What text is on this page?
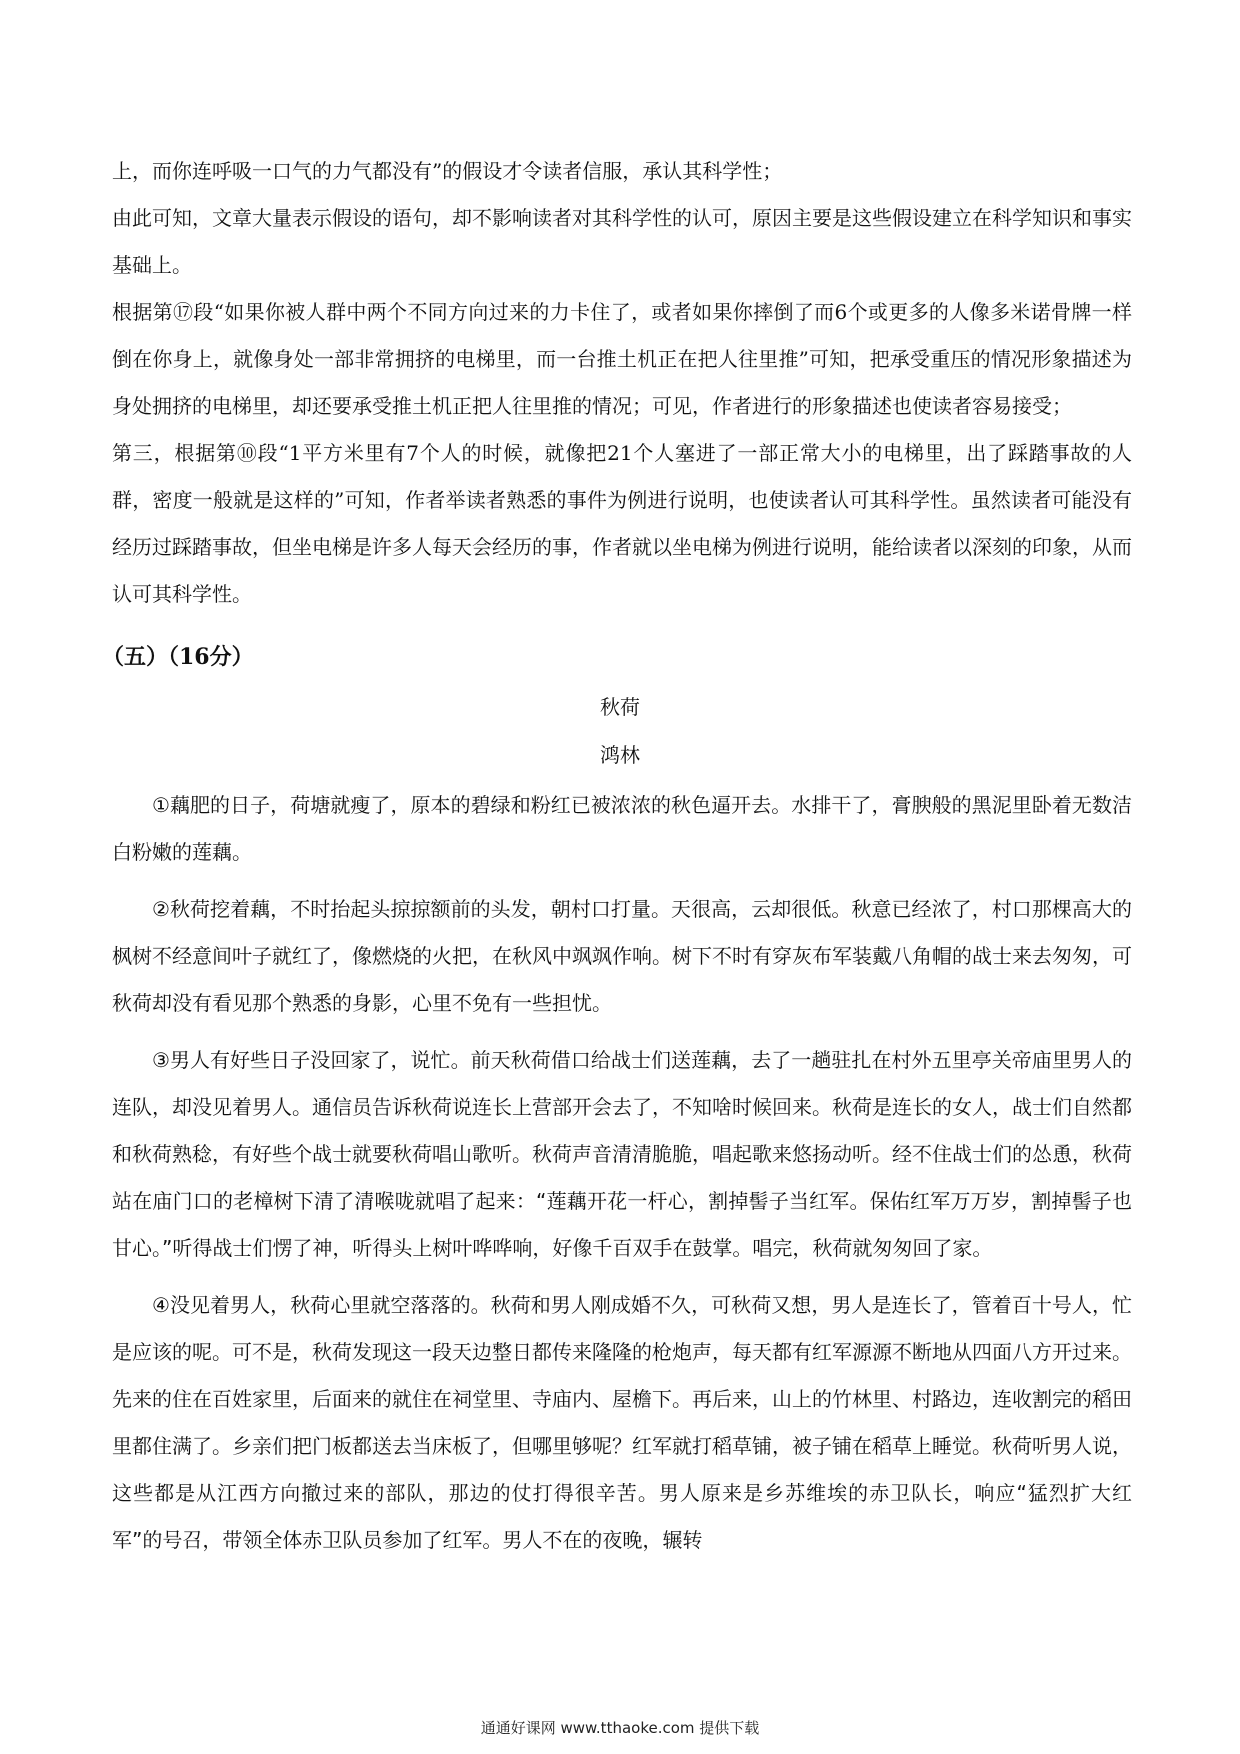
上，而你连呼吸一口气的力气都没有”的假设才令读者信服，承认其科学性；

由此可知，文章大量表示假设的语句，却不影响读者对其科学性的认可，原因主要是这些假设建立在科学知识和事实基础上。

根据第⑰段“如果你被人群中两个不同方向过来的力卡住了，或者如果你摔倒了而6个或更多的人像多米诺骨牌一样倒在你身上，就像身处一部非常拥挤的电梯里，而一台推土机正在把人往里推”可知，把承受重压的情况形象描述为身处拥挤的电梯里，却还要承受推土机正把人往里推的情况；可见，作者进行的形象描述也使读者容易接受；

第三，根据第⑩段“1平方米里有7个人的时候，就像把21个人塞进了一部正常大小的电梯里，出了踩踏事故的人群，密度一般就是这样的”可知，作者举读者熟悉的事件为例进行说明，也使读者认可其科学性。虽然读者可能没有经历过踩踏事故，但坐电梯是许多人每天会经历的事，作者就以坐电梯为例进行说明，能给读者以深刻的印象，从而认可其科学性。

（五）（16分）
秋荷
鸿林

①藕肥的日子，荷塘就瘦了，原本的碧绿和粉红已被浓浓的秋色逼开去。水排干了，膏腴般的黑泥里卧着无数洁白粉嫩的莲藕。

②秋荷挖着藕，不时抬起头掠掠额前的头发，朝村口打量。天很高，云却很低。秋意已经浓了，村口那棵高大的枫树不经意间叶子就红了，像燃烧的火把，在秋风中飒飒作响。树下不时有穿灰布军装戴八角帽的战士来去匆匆，可秋荷却没有看见那个熟悉的身影，心里不免有一些担忧。

③男人有好些日子没回家了，说忙。前天秋荷借口给战士们送莲藕，去了一趟驻扎在村外五里亭关帝庙里男人的连队，却没见着男人。通信员告诉秋荷说连长上营部开会去了，不知啥时候回来。秋荷是连长的女人，战士们自然都和秋荷熟稔，有好些个战士就要秋荷唱山歌听。秋荷声音清清脆脆，唱起歌来悠扬动听。经不住战士们的怂恿，秋荷站在庙门口的老樟树下清了清喉咙就唱了起来：“莲藕开花一杆心，割掉髻子当红军。保佑红军万万岁，割掉髻子也甘心。”听得战士们愣了神，听得头上树叶哗哗响，好像千百双手在鼓掌。唱完，秋荷就匆匆回了家。

④没见着男人，秋荷心里就空落落的。秋荷和男人刚成婚不久，可秋荷又想，男人是连长了，管着百十号人，忙是应该的呢。可不是，秋荷发现这一段天边整日都传来隆隆的枪炮声，每天都有红军源源不断地从四面八方开过来。先来的住在百姓家里，后面来的就住在祠堂里、寺庙内、屋檐下。再后来，山上的竹林里、村路边，连收割完的稻田里都住满了。乡亲们把门板都送去当床板了，但哪里够呢？红军就打稻草铺，被子铺在稻草上睡觉。秋荷听男人说，这些都是从江西方向撤过来的部队，那边的仗打得很辛苦。男人原来是乡苏维埃的赤卫队长，响应“猛烈扩大红军”的号召，带领全体赤卫队员参加了红军。男人不在的夜晚，辗转

通通好课网 www.tthaoke.com 提供下载
